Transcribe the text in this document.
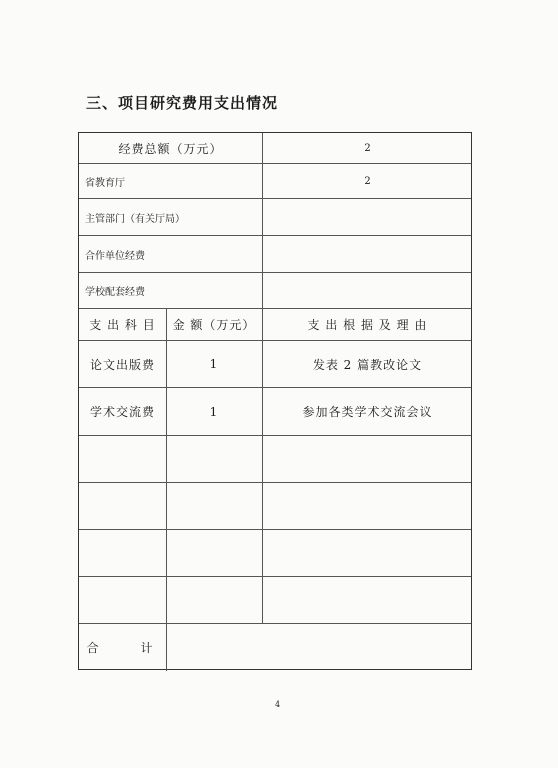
三、项目研究费用支出情况
经费总额（万元）	2
省教育厅	2
主管部门（有关厅局）
合作单位经费
学校配套经费
支 出 科 目	金 额（万元）	支 出 根 据 及 理 由
论文出版费	1	发表 2 篇教改论文
学术交流费	1	参加各类学术交流会议
合　　计
4
